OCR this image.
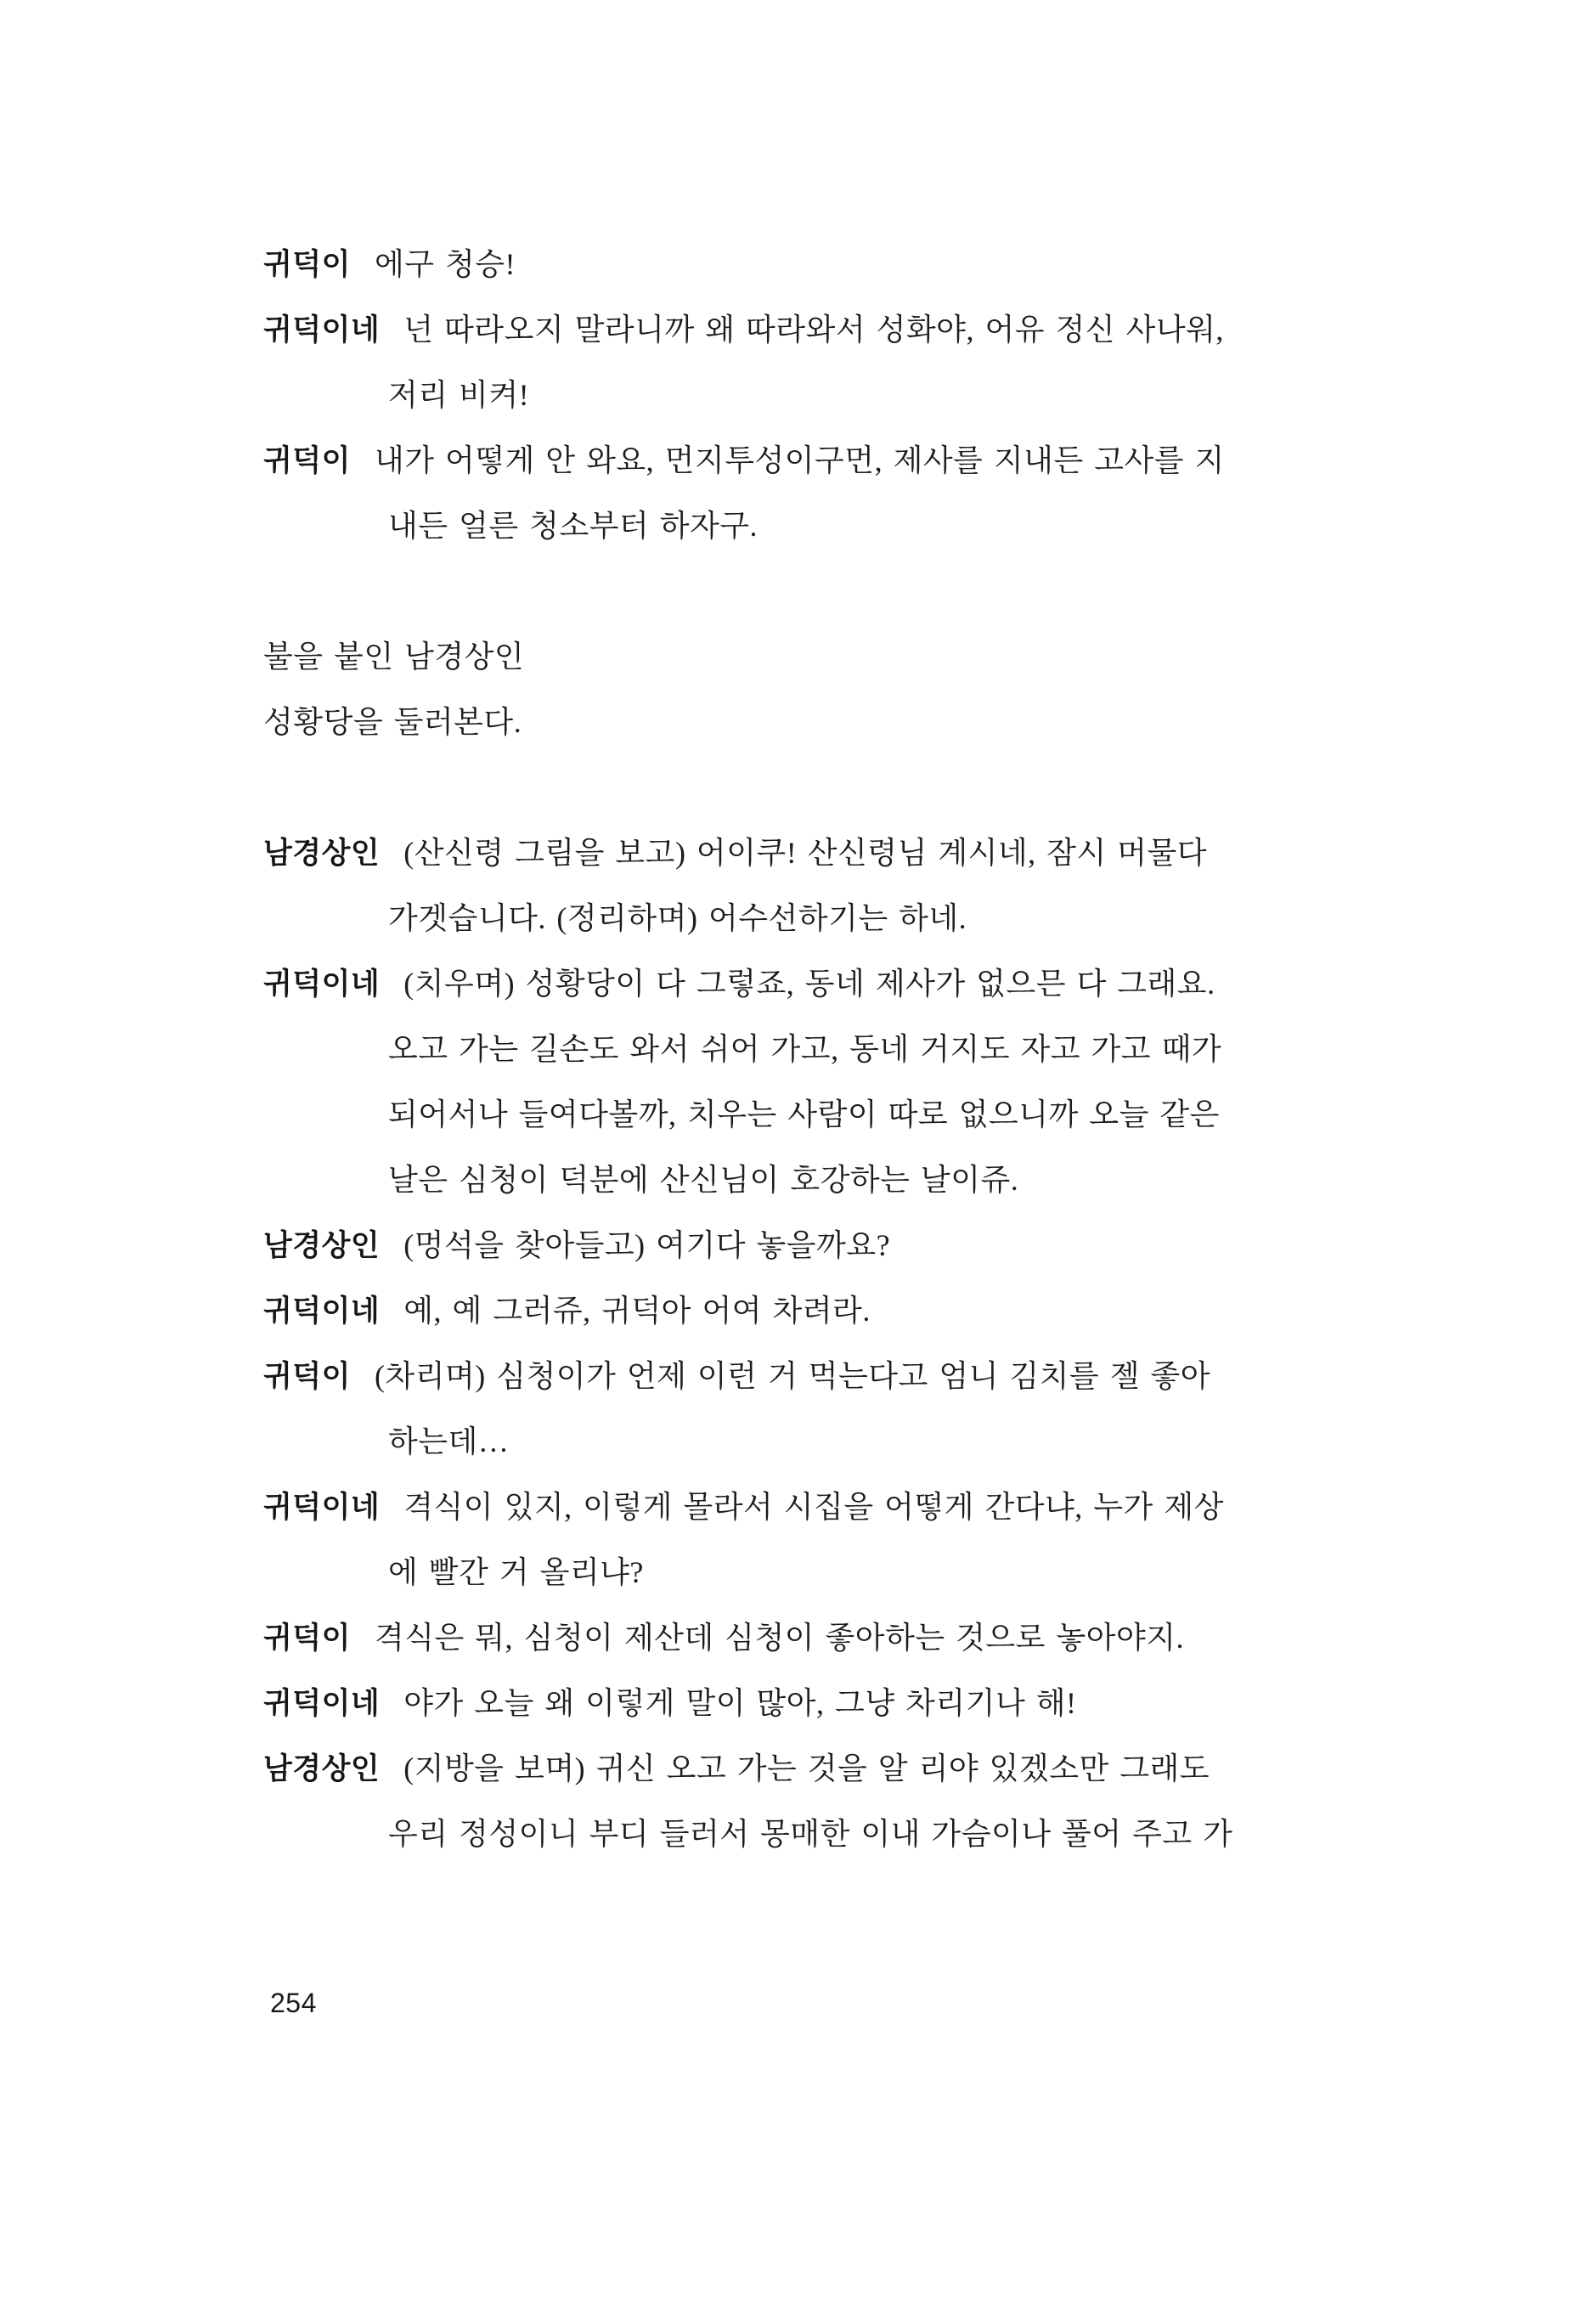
귀덕이 에구 청승!
귀덕이네 넌 따라오지 말라니까 왜 따라와서 성화야, 어유 정신 사나워,
저리 비켜!
귀덕이 내가 어떻게 안 와요, 먼지투성이구먼, 제사를 지내든 고사를 지
내든 얼른 청소부터 하자구.
불을 붙인 남경상인
성황당을 둘러본다.
남경상인 (산신령 그림을 보고) 어이쿠! 산신령님 계시네, 잠시 머물다
가겟습니다. (정리하며) 어수선하기는 하네.
귀덕이네 (치우며) 성황당이 다 그렇죠, 동네 제사가 없으믄 다 그래요.
오고 가는 길손도 와서 쉬어 가고, 동네 거지도 자고 가고 때가
되어서나 들여다볼까, 치우는 사람이 따로 없으니까 오늘 같은
날은 심청이 덕분에 산신님이 호강하는 날이쥬.
남경상인 (멍석을 찾아들고) 여기다 놓을까요?
귀덕이네 예, 예 그러쥬, 귀덕아 어여 차려라.
귀덕이 (차리며) 심청이가 언제 이런 거 먹는다고 엄니 김치를 젤 좋아
하는데…
귀덕이네 격식이 있지, 이렇게 몰라서 시집을 어떻게 간다냐, 누가 제상
에 빨간 거 올리냐?
귀덕이 격식은 뭐, 심청이 제산데 심청이 좋아하는 것으로 놓아야지.
귀덕이네 야가 오늘 왜 이렇게 말이 많아, 그냥 차리기나 해!
남경상인 (지방을 보며) 귀신 오고 가는 것을 알 리야 있겠소만 그래도
우리 정성이니 부디 들러서 몽매한 이내 가슴이나 풀어 주고 가
254
